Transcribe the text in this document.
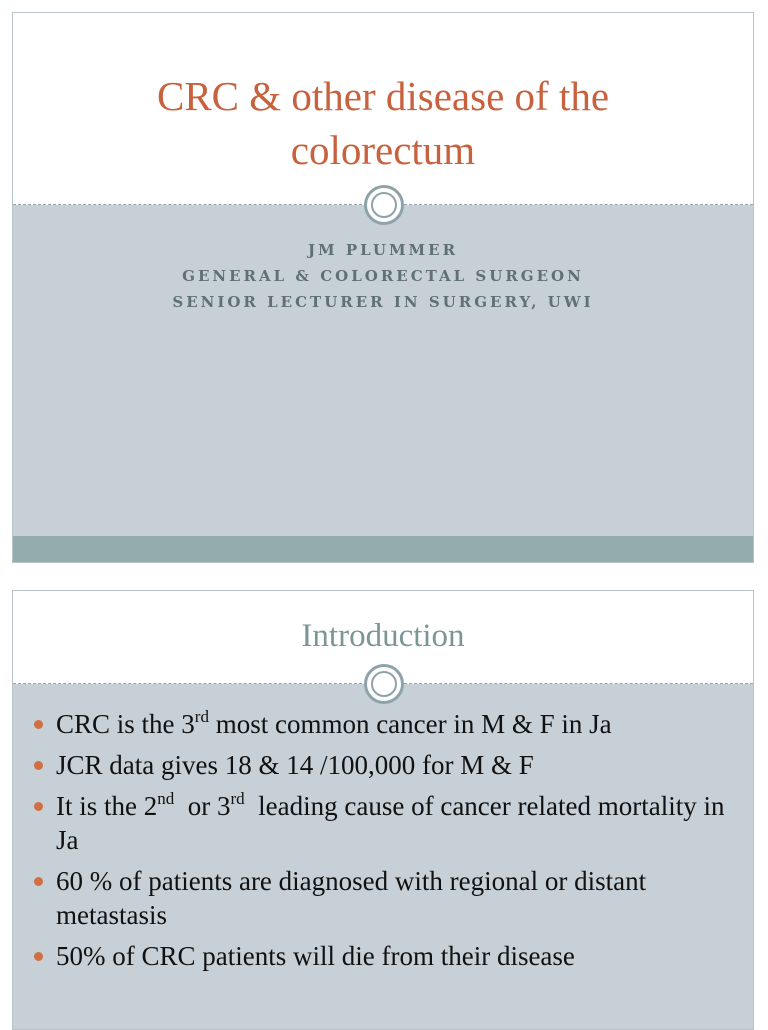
CRC & other disease of the
colorectum
JM PLUMMER
GENERAL & COLORECTAL SURGEON
SENIOR LECTURER IN SURGERY, UWI
Introduction
CRC is the 3rd most common cancer in M & F in Ja
JCR data gives 18 & 14 /100,000 for M & F
It is the 2nd  or 3rd  leading cause of cancer related mortality in Ja
60 % of patients are diagnosed with regional or distant metastasis
50% of CRC patients will die from their disease
